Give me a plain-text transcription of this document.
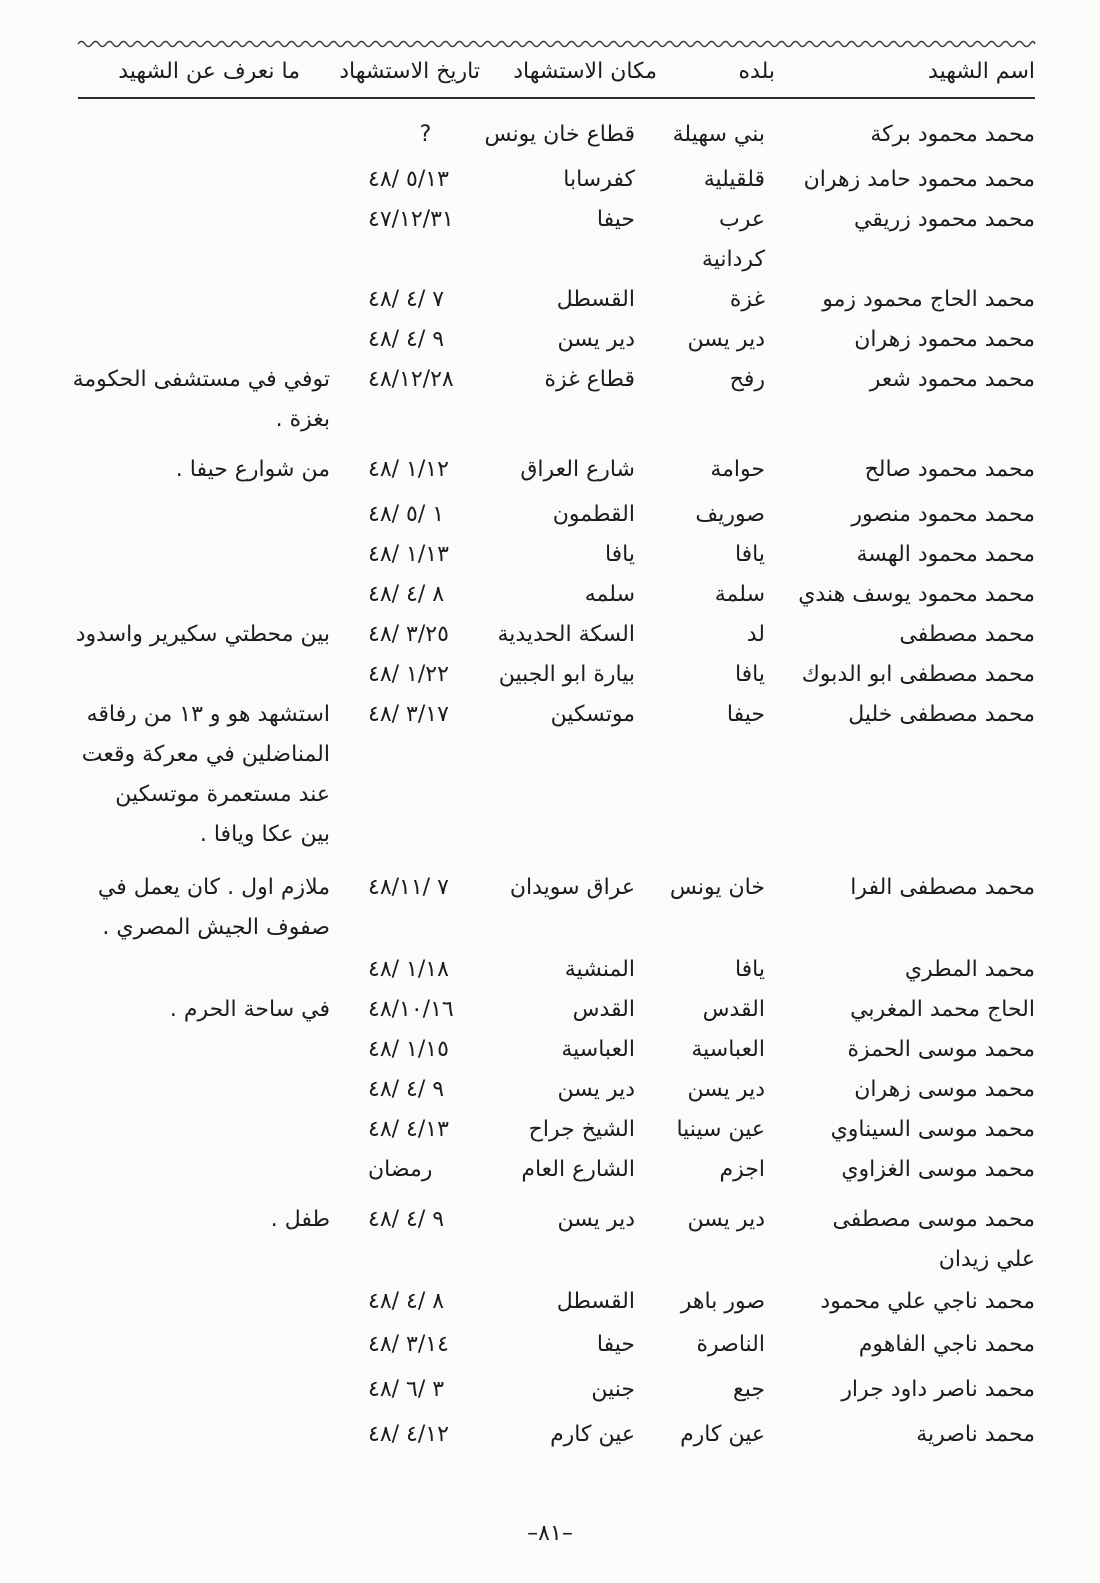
اسم الشهيد
بلده
مكان الاستشهاد
تاريخ الاستشهاد
ما نعرف عن الشهيد
محمد محمود بركة
بني سهيلة
قطاع خان يونس
?
محمد محمود حامد زهران
قلقيلية
كفرسابا
٤٨/ ٥/١٣
محمد محمود زريقي
عرب
كردانية
حيفا
٤٧/١٢/٣١
محمد الحاج محمود زمو
غزة
القسطل
٤٨/ ٤/ ٧
محمد محمود زهران
دير يسن
دير يسن
٤٨/ ٤/ ٩
محمد محمود شعر
رفح
قطاع غزة
٤٨/١٢/٢٨
توفي في مستشفى الحكومة
بغزة .
محمد محمود صالح
حوامة
شارع العراق
٤٨/ ١/١٢
من شوارع حيفا .
محمد محمود منصور
صوريف
القطمون
٤٨/ ٥/ ١
محمد محمود الهسة
يافا
يافا
٤٨/ ١/١٣
محمد محمود يوسف هندي
سلمة
سلمه
٤٨/ ٤/ ٨
محمد مصطفى
لد
السكة الحديدية
٤٨/ ٣/٢٥
بين محطتي سكيرير واسدود
محمد مصطفى ابو الدبوك
يافا
بيارة ابو الجبين
٤٨/ ١/٢٢
محمد مصطفى خليل
حيفا
موتسكين
٤٨/ ٣/١٧
استشهد هو و ١٣ من رفاقه
المناضلين في معركة وقعت
عند مستعمرة موتسكين
بين عكا ويافا .
محمد مصطفى الفرا
خان يونس
عراق سويدان
٤٨/١١/ ٧
ملازم اول . كان يعمل في
صفوف الجيش المصري .
محمد المطري
يافا
المنشية
٤٨/ ١/١٨
الحاج محمد المغربي
القدس
القدس
٤٨/١٠/١٦
في ساحة الحرم .
محمد موسى الحمزة
العباسية
العباسية
٤٨/ ١/١٥
محمد موسى زهران
دير يسن
دير يسن
٤٨/ ٤/ ٩
محمد موسى السيناوي
عين سينيا
الشيخ جراح
٤٨/ ٤/١٣
محمد موسى الغزاوي
اجزم
الشارع العام
رمضان
محمد موسى مصطفى
علي زيدان
دير يسن
دير يسن
٤٨/ ٤/ ٩
طفل .
محمد ناجي علي محمود
صور باهر
القسطل
٤٨/ ٤/ ٨
محمد ناجي الفاهوم
الناصرة
حيفا
٤٨/ ٣/١٤
محمد ناصر داود جرار
جبع
جنين
٤٨/ ٦/ ٣
محمد ناصرية
عين كارم
عين كارم
٤٨/ ٤/١٢
–٨١–
